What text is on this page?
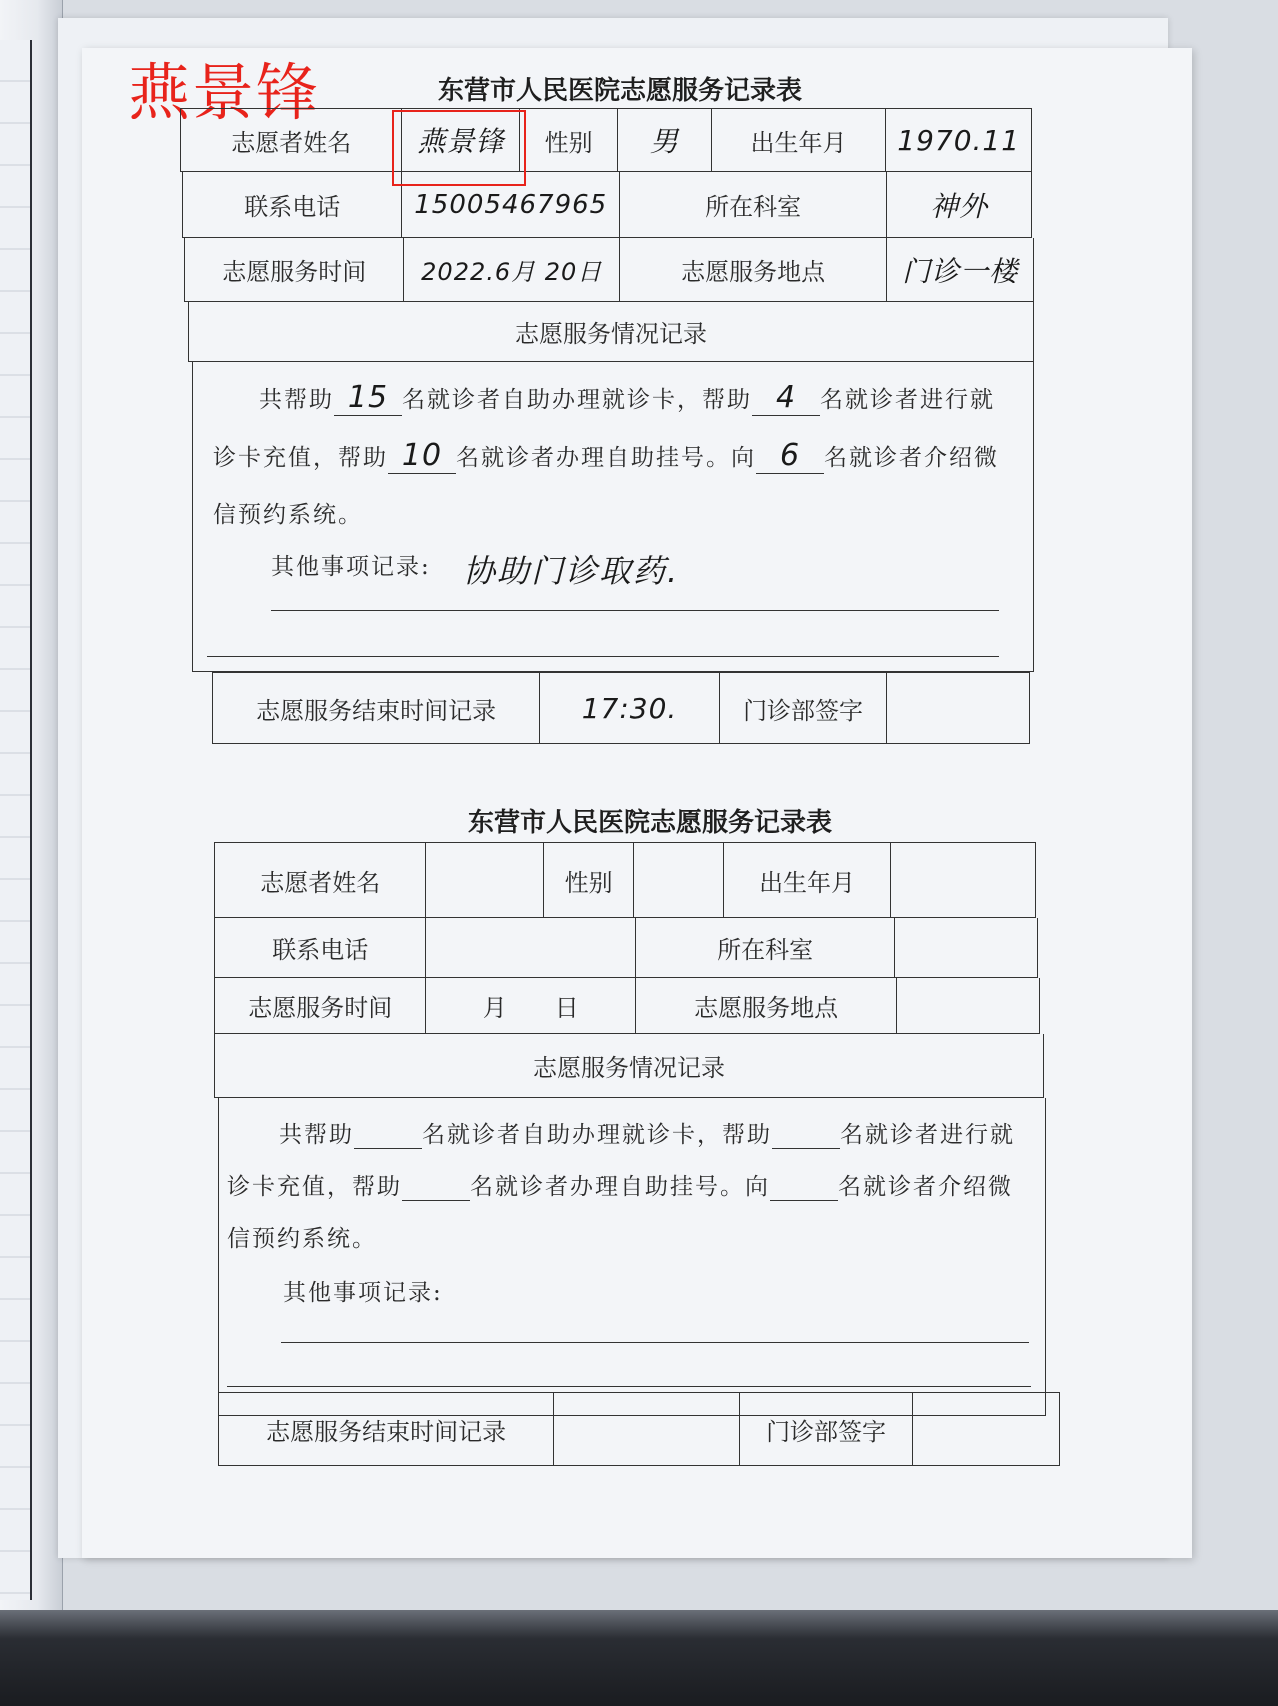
燕景锋	东营市人民医院志愿服务记录表
志愿者姓名	燕景锋	性别	男	出生年月	1970.11
联系电话	15005467965	所在科室	神外
志愿服务时间	2022.6月 20日	志愿服务地点	门诊一楼
志愿服务情况记录
共帮助 15 名就诊者自助办理就诊卡，帮助 4 名就诊者进行就
诊卡充值，帮助 10 名就诊者办理自助挂号。向 6 名就诊者介绍微
信预约系统。
其他事项记录: 协助门诊取药.
志愿服务结束时间记录	17:30.	门诊部签字
东营市人民医院志愿服务记录表
志愿者姓名	性别	出生年月
联系电话	所在科室
志愿服务时间	月　　日	志愿服务地点
志愿服务情况记录
共帮助	名就诊者自助办理就诊卡，帮助	名就诊者进行就
诊卡充值，帮助	名就诊者办理自助挂号。向	名就诊者介绍微
信预约系统。
其他事项记录:
志愿服务结束时间记录	门诊部签字
